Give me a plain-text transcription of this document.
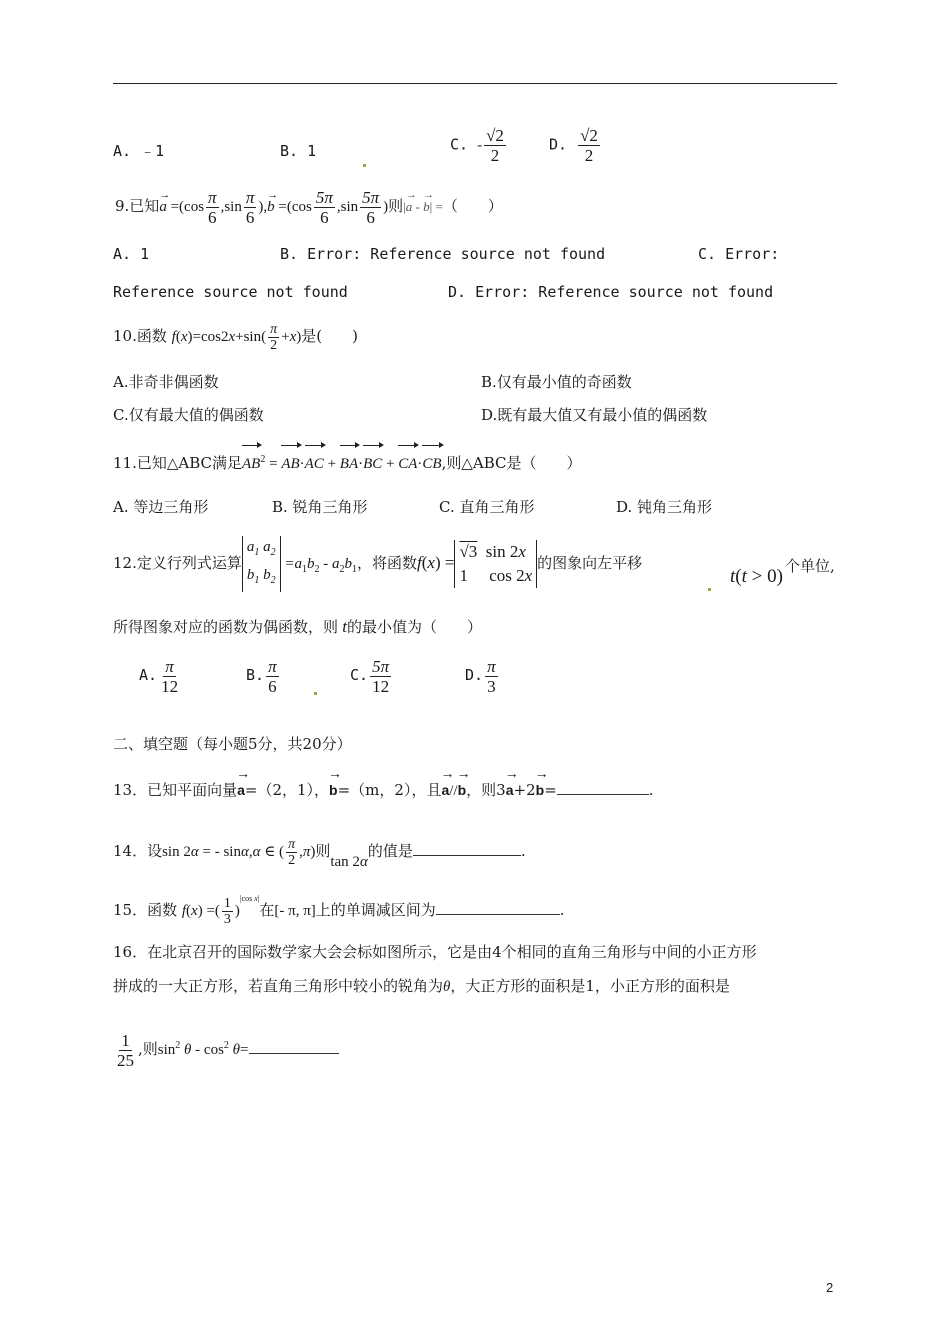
A. ﹣1	B. 1	C. - $\frac{√2}{2}$	D. $\frac{√2}{2}$
9.已知→ $a =(\cos \frac{\pi}{6} ,\sin \frac{\pi}{6}$ ),→ $b =(\cos \frac{5\pi}{6} ,\sin \frac{5\pi}{6}$ )则|→ a - → b| =（　　）
A. 1	B. Error: Reference source not found	C. Error:
Reference source not found	D. Error: Reference source not found
10.函数 $f(x)=\cos 2x+\sin( \frac{\pi}{2} +x)$是(　　)
A.非奇非偶函数	B.仅有最小值的奇函数
C.仅有最大值的偶函数	D.既有最大值又有最小值的偶函数
11.已知△ABC满足$AB^2 = AB\cdot AC + BA\cdot BC + CA\cdot CB$,则△ABC是（　　）
A. 等边三角形	B. 锐角三角形	C. 直角三角形	D. 钝角三角形
12.定义行列式运算$a_1$ $a_2$
$b_1$ $b_2 =a_1b_2 - a_2b_1$，将函数f(x) =√3  sin 2x
1     cos 2x的图象向左平移
t(t > 0) 个单位,
所得图象对应的函数为偶函数，则 t的最小值为（　　）
A. $\frac{\pi}{12}$	B. $\frac{\pi}{6}$	C. $\frac{5\pi}{12}$	D. $\frac{\pi}{3}$
二、填空题（每小题5分，共20分）
13．已知平面向量→ a=（2，1），→ b=（m，2），且→ a//→ b，则3→ a+2→ b=	.
14．设sin 2α = - sinα,α ∈ ( $\frac{\pi}{2} ,\pi$)则tan 2α的值是	.
15．函数 f(x) =( $\frac{1}{3} )^{|cos x|}$在[- π, π]上的单调减区间为	.
16．在北京召开的国际数学家大会会标如图所示，它是由4个相同的直角三角形与中间的小正方形
拼成的一大正方形，若直角三角形中较小的锐角为θ，大正方形的面积是1，小正方形的面积是
$\frac{1}{25}$ ,则$\sin^2 \theta - \cos^2 \theta=$
2
